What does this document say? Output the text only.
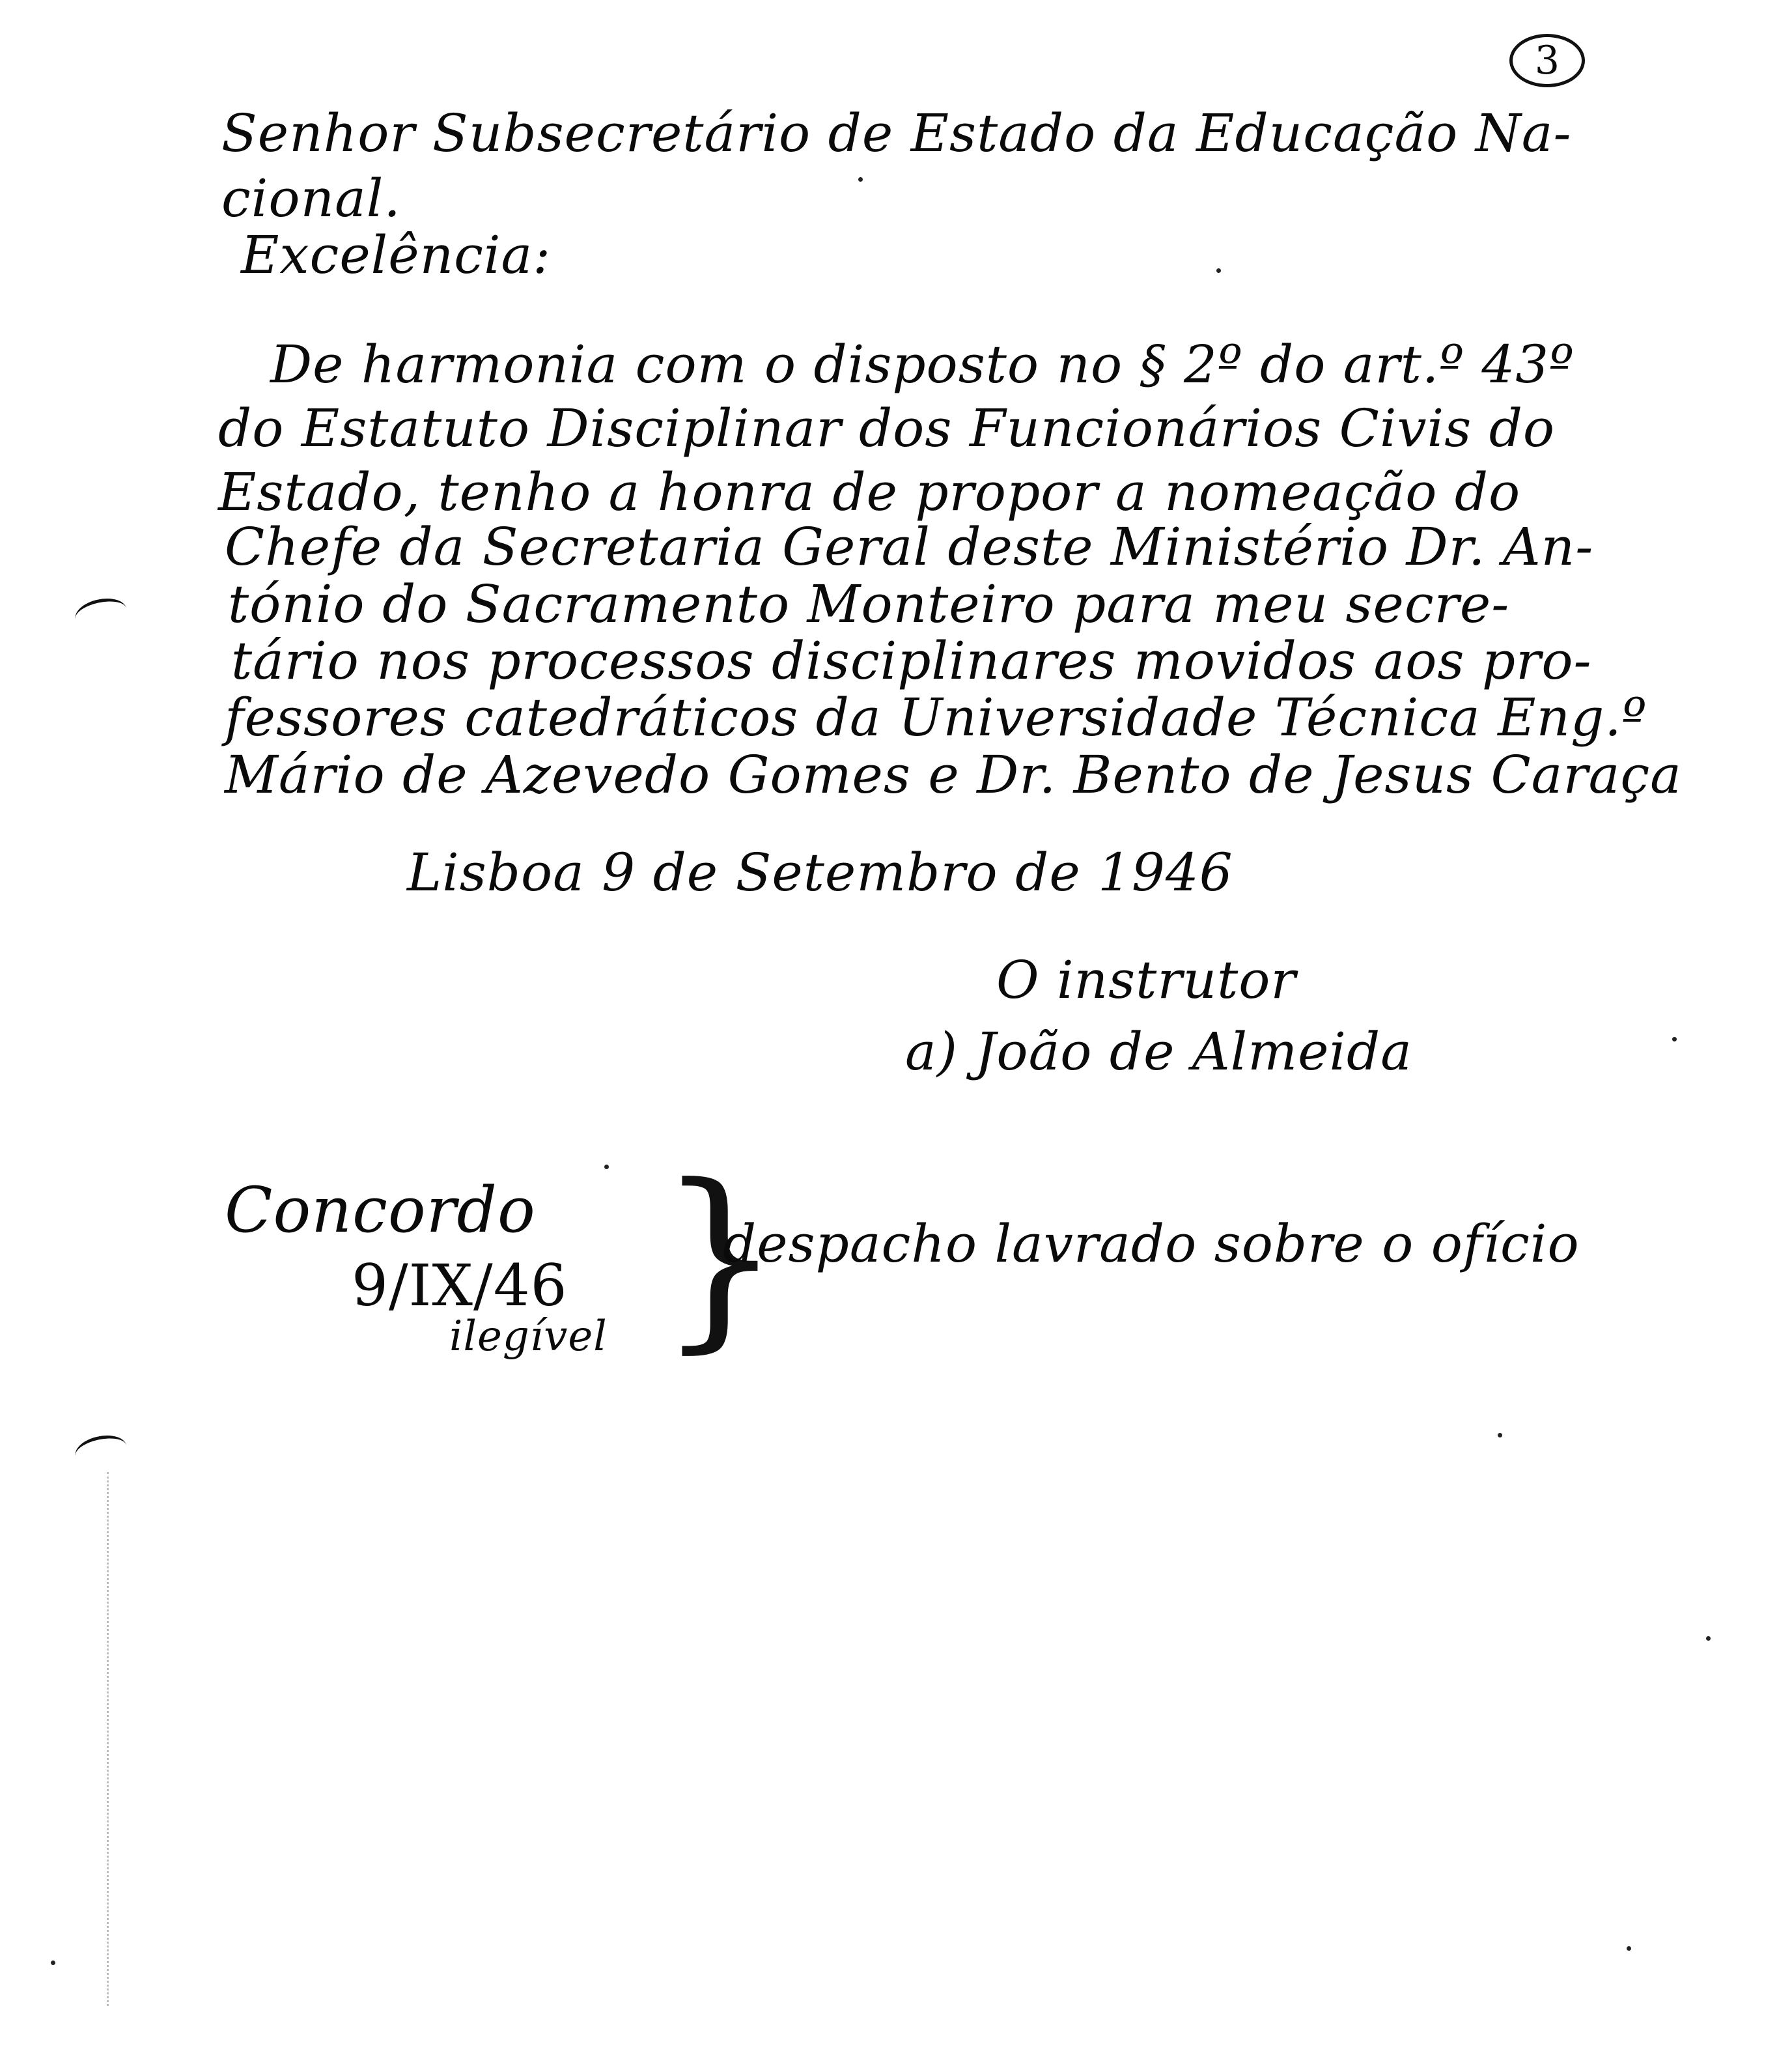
3
Senhor Subsecretário de Estado da Educação Na-
cional.
Excelência:
De harmonia com o disposto no § 2º do art.º 43º
do Estatuto Disciplinar dos Funcionários Civis do
Estado, tenho a honra de propor a nomeação do
Chefe da Secretaria Geral deste Ministério Dr. An-
tónio do Sacramento Monteiro para meu secre-
tário nos processos disciplinares movidos aos pro-
fessores catedráticos da Universidade Técnica Eng.º
Mário de Azevedo Gomes e Dr. Bento de Jesus Caraça
Lisboa 9 de Setembro de 1946
O instrutor
a) João de Almeida
Concordo
9/IX/46
ilegível }
despacho lavrado sobre o ofício
